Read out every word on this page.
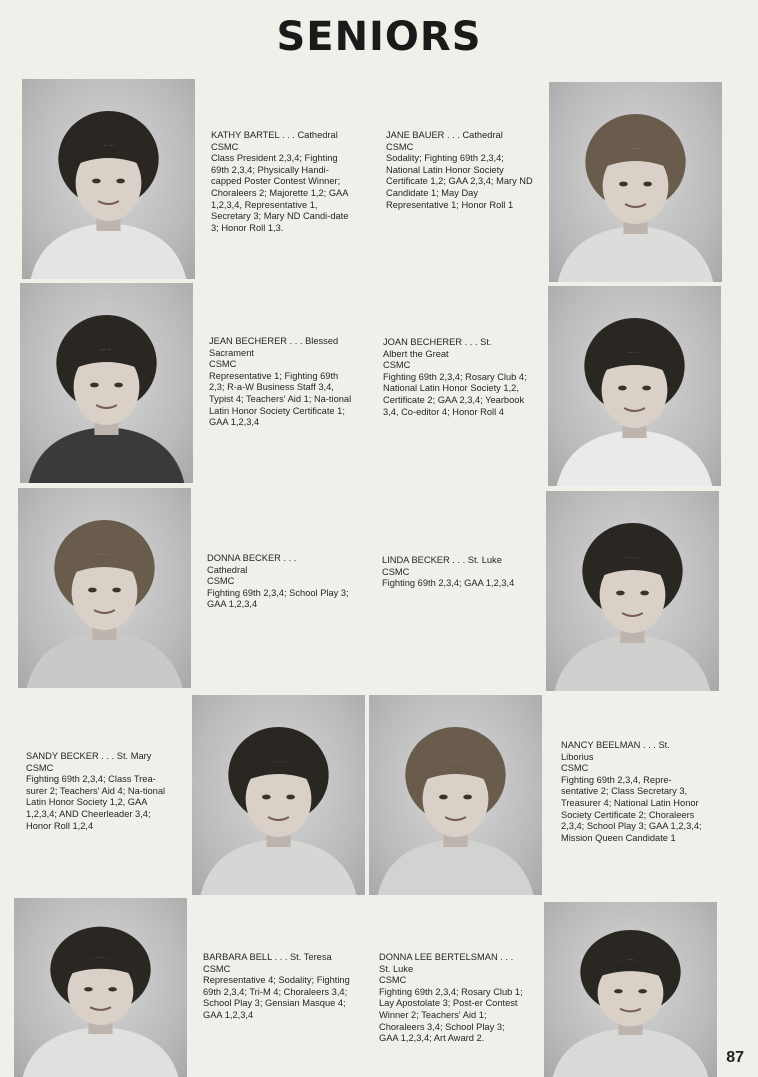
SENIORS
KATHY BARTEL . . . Cathedral
CSMC
Class President 2,3,4; Fighting 69th 2,3,4; Physically Handi-capped Poster Contest Winner; Choraleers 2; Majorette 1,2; GAA 1,2,3,4, Representative 1, Secretary 3; Mary ND Candi-date 3; Honor Roll 1,3.
JANE BAUER . . . Cathedral
CSMC
Sodality; Fighting 69th 2,3,4; National Latin Honor Society Certificate 1,2; GAA 2,3,4; Mary ND Candidate 1; May Day Representative 1; Honor Roll 1
JEAN BECHERER . . . Blessed
Sacrament
CSMC
Representative 1; Fighting 69th 2,3; R-a-W Business Staff 3,4, Typist 4; Teachers' Aid 1; Na-tional Latin Honor Society Certificate 1; GAA 1,2,3,4
JOAN BECHERER . . . St.
Albert the Great
CSMC
Fighting 69th 2,3,4; Rosary Club 4; National Latin Honor Society 1,2, Certificate 2; GAA 2,3,4; Yearbook 3,4, Co-editor 4; Honor Roll 4
DONNA BECKER . . .
Cathedral
CSMC
Fighting 69th 2,3,4; School Play 3; GAA 1,2,3,4
LINDA BECKER . . . St. Luke
CSMC
Fighting 69th 2,3,4; GAA 1,2,3,4
SANDY BECKER . . . St. Mary
CSMC
Fighting 69th 2,3,4; Class Trea-surer 2; Teachers' Aid 4; Na-tional Latin Honor Society 1,2, GAA 1,2,3,4; AND Cheerleader 3,4; Honor Roll 1,2,4
NANCY BEELMAN . . . St.
Liborius
CSMC
Fighting 69th 2,3,4, Repre-sentative 2; Class Secretary 3, Treasurer 4; National Latin Honor Society Certificate 2; Choraleers 2,3,4; School Play 3; GAA 1,2,3,4; Mission Queen Candidate 1
BARBARA BELL . . . St. Teresa
CSMC
Representative 4; Sodality; Fighting 69th 2,3,4; Tri-M 4; Choraleers 3,4; School Play 3; Gensian Masque 4; GAA 1,2,3,4
DONNA LEE BERTELSMAN . . .
St. Luke
CSMC
Fighting 69th 2,3,4; Rosary Club 1; Lay Apostolate 3; Post-er Contest Winner 2; Teachers' Aid 1; Choraleers 3,4; School Play 3; GAA 1,2,3,4; Art Award 2.
87
